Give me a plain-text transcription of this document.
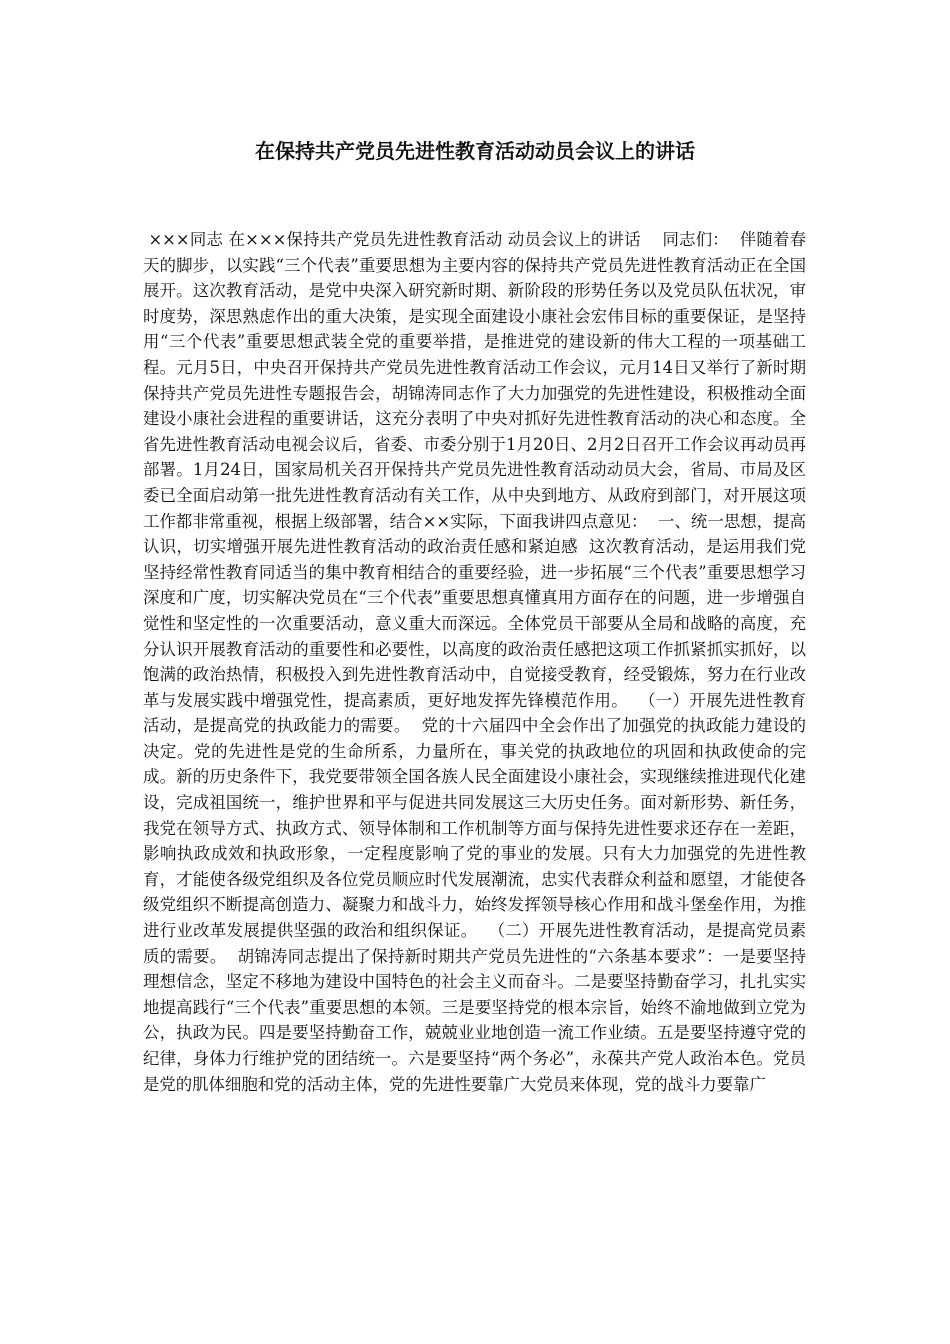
在保持共产党员先进性教育活动动员会议上的讲话

×××同志 在×××保持共产党员先进性教育活动 动员会议上的讲话    同志们：  伴随着春天的脚步，以实践“三个代表”重要思想为主要内容的保持共产党员先进性教育活动正在全国展开。这次教育活动，是党中央深入研究新时期、新阶段的形势任务以及党员队伍状况，审时度势，深思熟虑作出的重大决策，是实现全面建设小康社会宏伟目标的重要保证，是坚持用“三个代表”重要思想武装全党的重要举措，是推进党的建设新的伟大工程的一项基础工程。元月5日，中央召开保持共产党员先进性教育活动工作会议，元月14日又举行了新时期保持共产党员先进性专题报告会，胡锦涛同志作了大力加强党的先进性建设，积极推动全面建设小康社会进程的重要讲话，这充分表明了中央对抓好先进性教育活动的决心和态度。全省先进性教育活动电视会议后，省委、市委分别于1月20日、2月2日召开工作会议再动员再部署。1月24日，国家局机关召开保持共产党员先进性教育活动动员大会，省局、市局及区委已全面启动第一批先进性教育活动有关工作，从中央到地方、从政府到部门，对开展这项工作都非常重视，根据上级部署，结合××实际，下面我讲四点意见：  一、统一思想，提高认识，切实增强开展先进性教育活动的政治责任感和紧迫感  这次教育活动，是运用我们党坚持经常性教育同适当的集中教育相结合的重要经验，进一步拓展“三个代表”重要思想学习深度和广度，切实解决党员在“三个代表”重要思想真懂真用方面存在的问题，进一步增强自觉性和坚定性的一次重要活动，意义重大而深远。全体党员干部要从全局和战略的高度，充分认识开展教育活动的重要性和必要性，以高度的政治责任感把这项工作抓紧抓实抓好，以饱满的政治热情，积极投入到先进性教育活动中，自觉接受教育，经受锻炼，努力在行业改革与发展实践中增强党性，提高素质，更好地发挥先锋模范作用。  （一）开展先进性教育活动，是提高党的执政能力的需要。  党的十六届四中全会作出了加强党的执政能力建设的决定。党的先进性是党的生命所系，力量所在，事关党的执政地位的巩固和执政使命的完成。新的历史条件下，我党要带领全国各族人民全面建设小康社会，实现继续推进现代化建设，完成祖国统一，维护世界和平与促进共同发展这三大历史任务。面对新形势、新任务，我党在领导方式、执政方式、领导体制和工作机制等方面与保持先进性要求还存在一差距，影响执政成效和执政形象，一定程度影响了党的事业的发展。只有大力加强党的先进性教育，才能使各级党组织及各位党员顺应时代发展潮流，忠实代表群众利益和愿望，才能使各级党组织不断提高创造力、凝聚力和战斗力，始终发挥领导核心作用和战斗堡垒作用，为推进行业改革发展提供坚强的政治和组织保证。  （二）开展先进性教育活动，是提高党员素质的需要。  胡锦涛同志提出了保持新时期共产党员先进性的“六条基本要求”：一是要坚持理想信念，坚定不移地为建设中国特色的社会主义而奋斗。二是要坚持勤奋学习，扎扎实实地提高践行“三个代表”重要思想的本领。三是要坚持党的根本宗旨，始终不渝地做到立党为公，执政为民。四是要坚持勤奋工作，兢兢业业地创造一流工作业绩。五是要坚持遵守党的纪律，身体力行维护党的团结统一。六是要坚持“两个务必”，永葆共产党人政治本色。党员是党的肌体细胞和党的活动主体，党的先进性要靠广大党员来体现，党的战斗力要靠广
